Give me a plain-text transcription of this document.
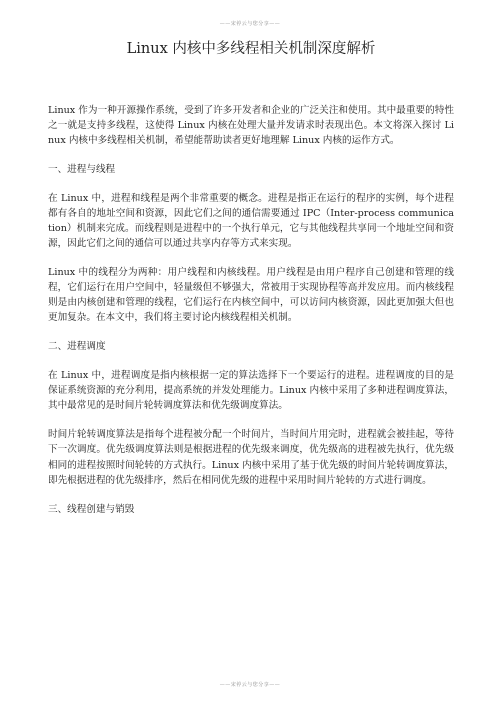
——宋停云与您分享——
Linux 内核中多线程相关机制深度解析

Linux 作为一种开源操作系统，受到了许多开发者和企业的广泛关注和使用。其中最重要的特性之一就是支持多线程，这使得 Linux 内核在处理大量并发请求时表现出色。本文将深入探讨 Linux 内核中多线程相关机制，希望能帮助读者更好地理解 Linux 内核的运作方式。

一、进程与线程

在 Linux 中，进程和线程是两个非常重要的概念。进程是指正在运行的程序的实例，每个进程都有各自的地址空间和资源，因此它们之间的通信需要通过 IPC（Inter-process communication）机制来完成。而线程则是进程中的一个执行单元，它与其他线程共享同一个地址空间和资源，因此它们之间的通信可以通过共享内存等方式来实现。

Linux 中的线程分为两种：用户线程和内核线程。用户线程是由用户程序自己创建和管理的线程，它们运行在用户空间中，轻量级但不够强大，常被用于实现协程等高并发应用。而内核线程则是由内核创建和管理的线程，它们运行在内核空间中，可以访问内核资源，因此更加强大但也更加复杂。在本文中，我们将主要讨论内核线程相关机制。

二、进程调度

在 Linux 中，进程调度是指内核根据一定的算法选择下一个要运行的进程。进程调度的目的是保证系统资源的充分利用，提高系统的并发处理能力。Linux 内核中采用了多种进程调度算法，其中最常见的是时间片轮转调度算法和优先级调度算法。

时间片轮转调度算法是指每个进程被分配一个时间片，当时间片用完时，进程就会被挂起，等待下一次调度。优先级调度算法则是根据进程的优先级来调度，优先级高的进程被先执行，优先级相同的进程按照时间轮转的方式执行。Linux 内核中采用了基于优先级的时间片轮转调度算法，即先根据进程的优先级排序，然后在相同优先级的进程中采用时间片轮转的方式进行调度。

三、线程创建与销毁

——宋停云与您分享——
